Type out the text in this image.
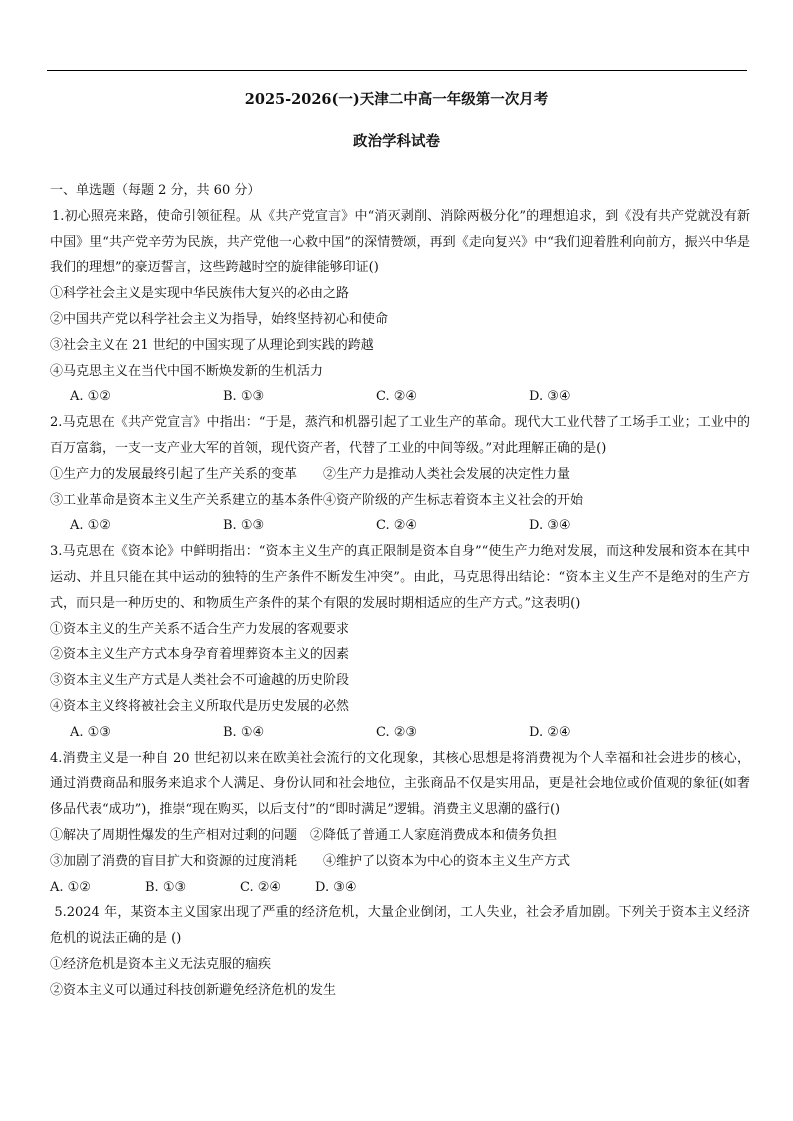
2025-2026(一)天津二中高一年级第一次月考
政治学科试卷

一、单选题（每题 2 分，共 60 分）

1.初心照亮来路，使命引领征程。从《共产党宣言》中“消灭剥削、消除两极分化”的理想追求，到《没有共产党就没有新中国》里“共产党辛劳为民族，共产党他一心救中国”的深情赞颂，再到《走向复兴》中“我们迎着胜利向前方，振兴中华是我们的理想”的豪迈誓言，这些跨越时空的旋律能够印证()

①科学社会主义是实现中华民族伟大复兴的必由之路

②中国共产党以科学社会主义为指导，始终坚持初心和使命

③社会主义在 21 世纪的中国实现了从理论到实践的跨越

④马克思主义在当代中国不断焕发新的生机活力

A. ①②	B. ①③	C. ②④	D. ③④

2.马克思在《共产党宣言》中指出：“于是，蒸汽和机器引起了工业生产的革命。现代大工业代替了工场手工业；工业中的百万富翁，一支一支产业大军的首领，现代资产者，代替了工业的中间等级。”对此理解正确的是()

①生产力的发展最终引起了生产关系的变革　　②生产力是推动人类社会发展的决定性力量

③工业革命是资本主义生产关系建立的基本条件④资产阶级的产生标志着资本主义社会的开始

A. ①②	B. ①③	C. ②④	D. ③④

3.马克思在《资本论》中鲜明指出：“资本主义生产的真正限制是资本自身”“使生产力绝对发展，而这种发展和资本在其中运动、并且只能在其中运动的独特的生产条件不断发生冲突”。由此，马克思得出结论：“资本主义生产不是绝对的生产方式，而只是一种历史的、和物质生产条件的某个有限的发展时期相适应的生产方式。”这表明()

①资本主义的生产关系不适合生产力发展的客观要求

②资本主义生产方式本身孕育着埋葬资本主义的因素

③资本主义生产方式是人类社会不可逾越的历史阶段

④资本主义终将被社会主义所取代是历史发展的必然

A. ①③	B. ①④	C. ②③	D. ②④

4.消费主义是一种自 20 世纪初以来在欧美社会流行的文化现象，其核心思想是将消费视为个人幸福和社会进步的核心，通过消费商品和服务来追求个人满足、身份认同和社会地位，主张商品不仅是实用品，更是社会地位或价值观的象征(如奢侈品代表“成功”)，推崇“现在购买，以后支付”的“即时满足”逻辑。消费主义思潮的盛行()

①解决了周期性爆发的生产相对过剩的问题　②降低了普通工人家庭消费成本和债务负担

③加剧了消费的盲目扩大和资源的过度消耗　　④维护了以资本为中心的资本主义生产方式

A. ①②	B. ①③	C. ②④	D. ③④

5.2024 年，某资本主义国家出现了严重的经济危机，大量企业倒闭，工人失业，社会矛盾加剧。下列关于资本主义经济危机的说法正确的是 ()

①经济危机是资本主义无法克服的痼疾

②资本主义可以通过科技创新避免经济危机的发生
